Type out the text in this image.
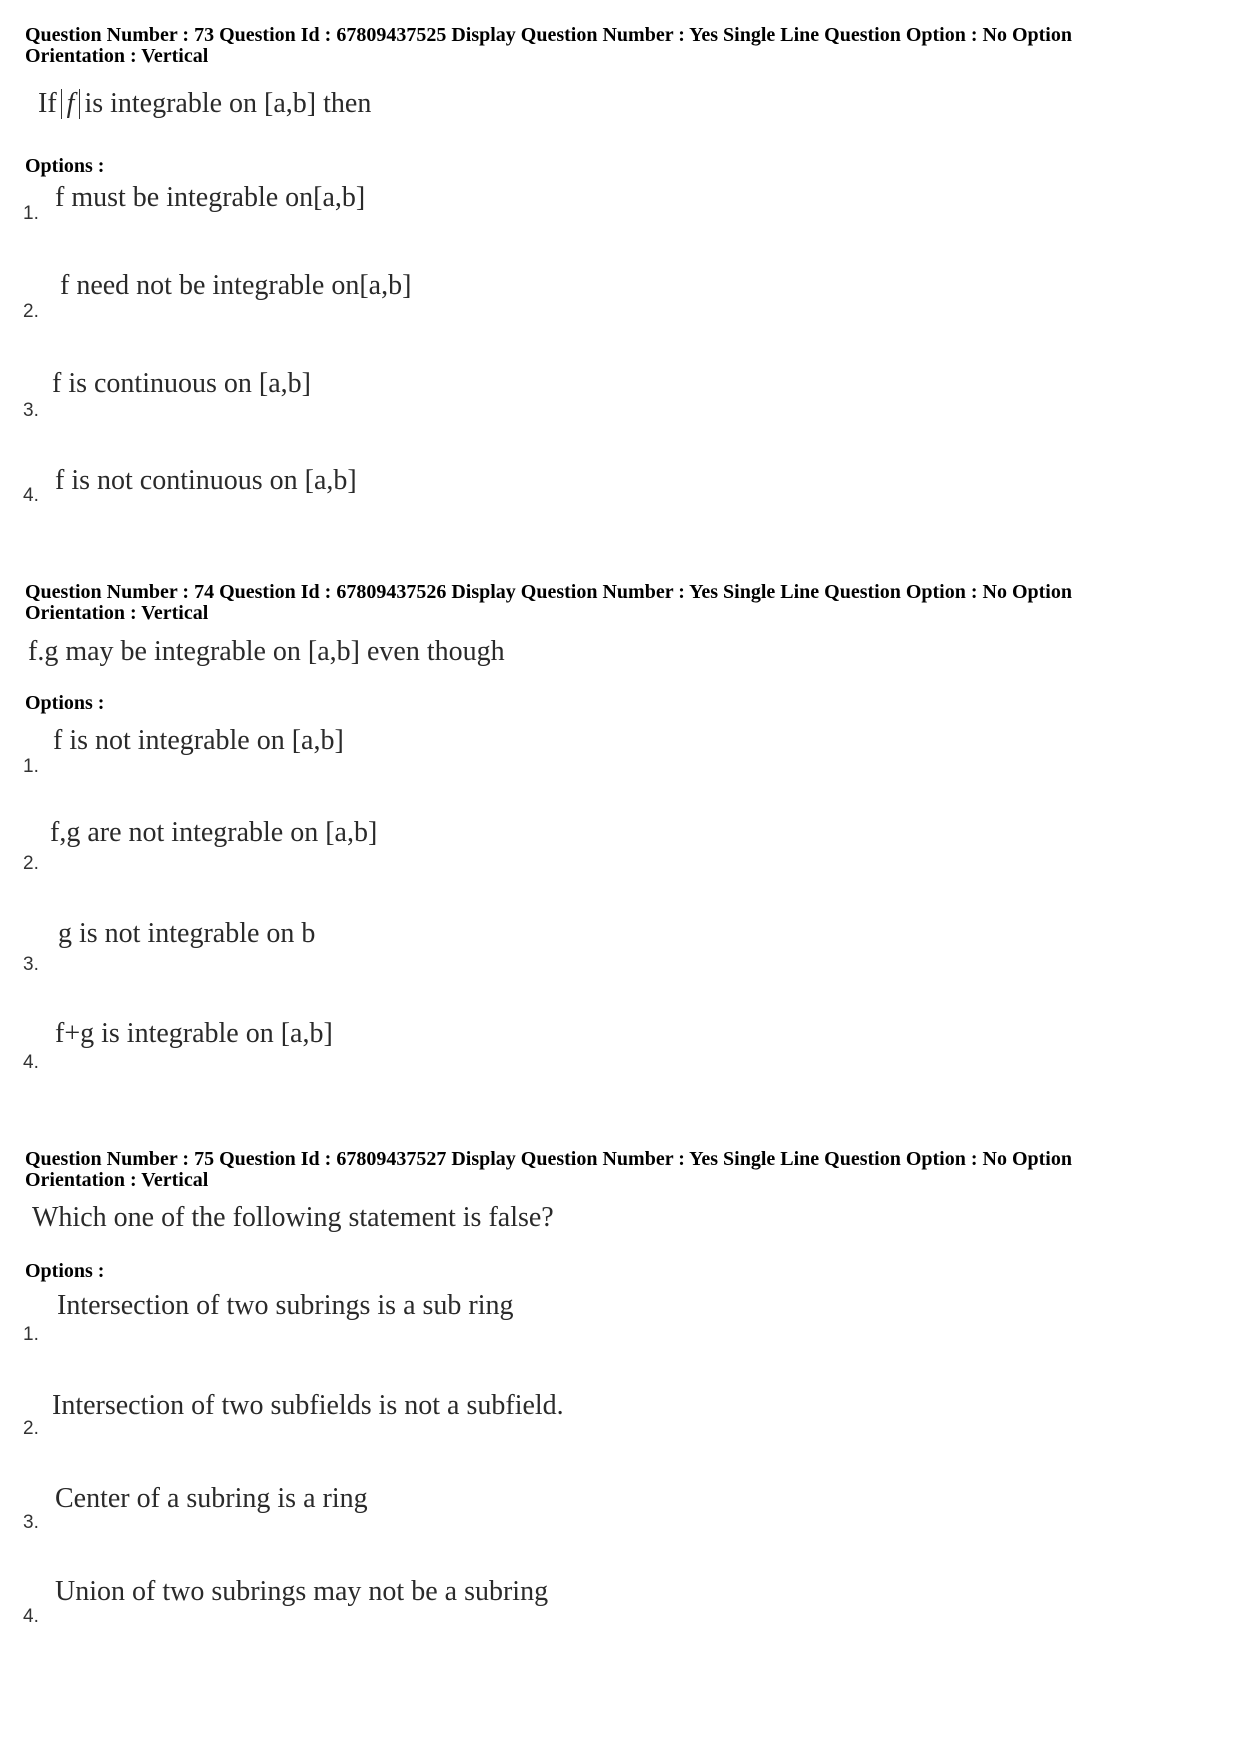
Question Number : 73 Question Id : 67809437525 Display Question Number : Yes Single Line Question Option : No Option
Orientation : Vertical
If f is integrable on [a,b] then
Options :
1.
f must be integrable on[a,b]
2.
f need not be integrable on[a,b]
3.
f is continuous on [a,b]
4. f is not continuous on [a,b]
Question Number : 74 Question Id : 67809437526 Display Question Number : Yes Single Line Question Option : No Option
Orientation : Vertical
f.g may be integrable on [a,b] even though
Options :
1.
f is not integrable on [a,b]
2.
f,g are not integrable on [a,b]
3.
g is not integrable on b
4.
f+g is integrable on [a,b]
Question Number : 75 Question Id : 67809437527 Display Question Number : Yes Single Line Question Option : No Option
Orientation : Vertical
Which one of the following statement is false?
Options :
1.
Intersection of two subrings is a sub ring
2.
Intersection of two subfields is not a subfield.
3.
Center of a subring is a ring
4.
Union of two subrings may not be a subring
